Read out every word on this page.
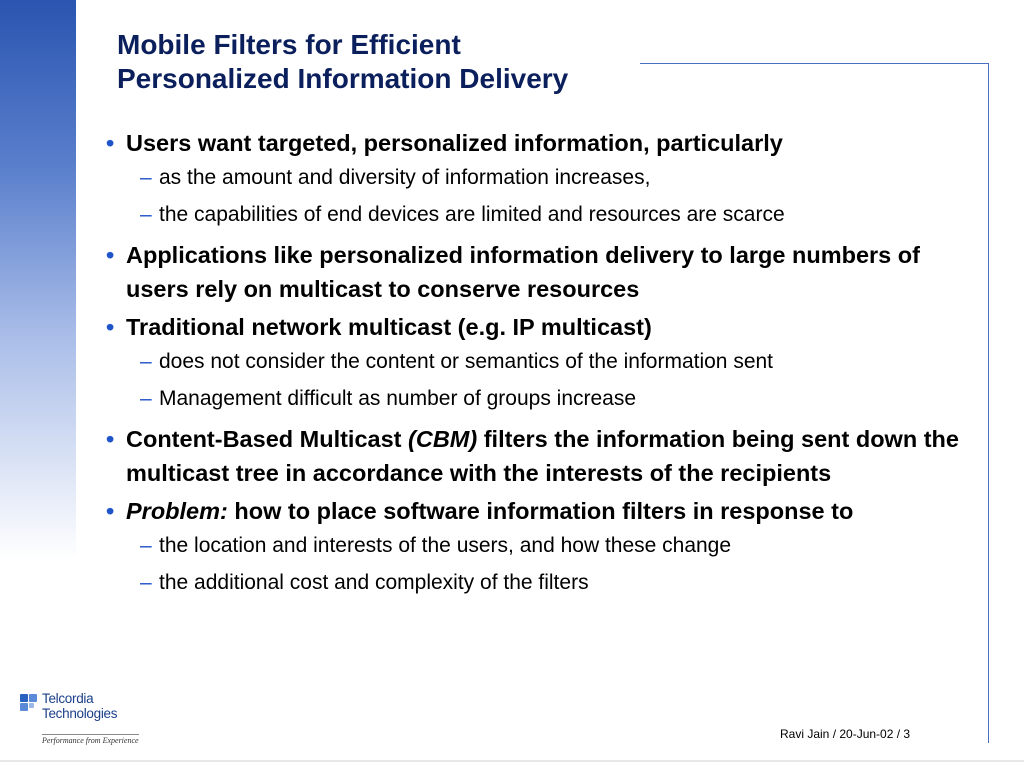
Mobile Filters for Efficient
Personalized Information Delivery
• Users want targeted, personalized information, particularly
– as the amount and diversity of information increases,
– the capabilities of end devices are limited and resources are scarce
• Applications like personalized information delivery to large numbers of users rely on multicast to conserve resources
• Traditional network multicast (e.g. IP multicast)
– does not consider the content or semantics of the information sent
– Management difficult as number of groups increase
• Content-Based Multicast (CBM) filters the information being sent down the multicast tree in accordance with the interests of the recipients
• Problem: how to place software information filters in response to
– the location and interests of the users, and how these change
– the additional cost and complexity of the filters
Telcordia
Technologies
Performance from Experience	Ravi Jain / 20-Jun-02 / 3
